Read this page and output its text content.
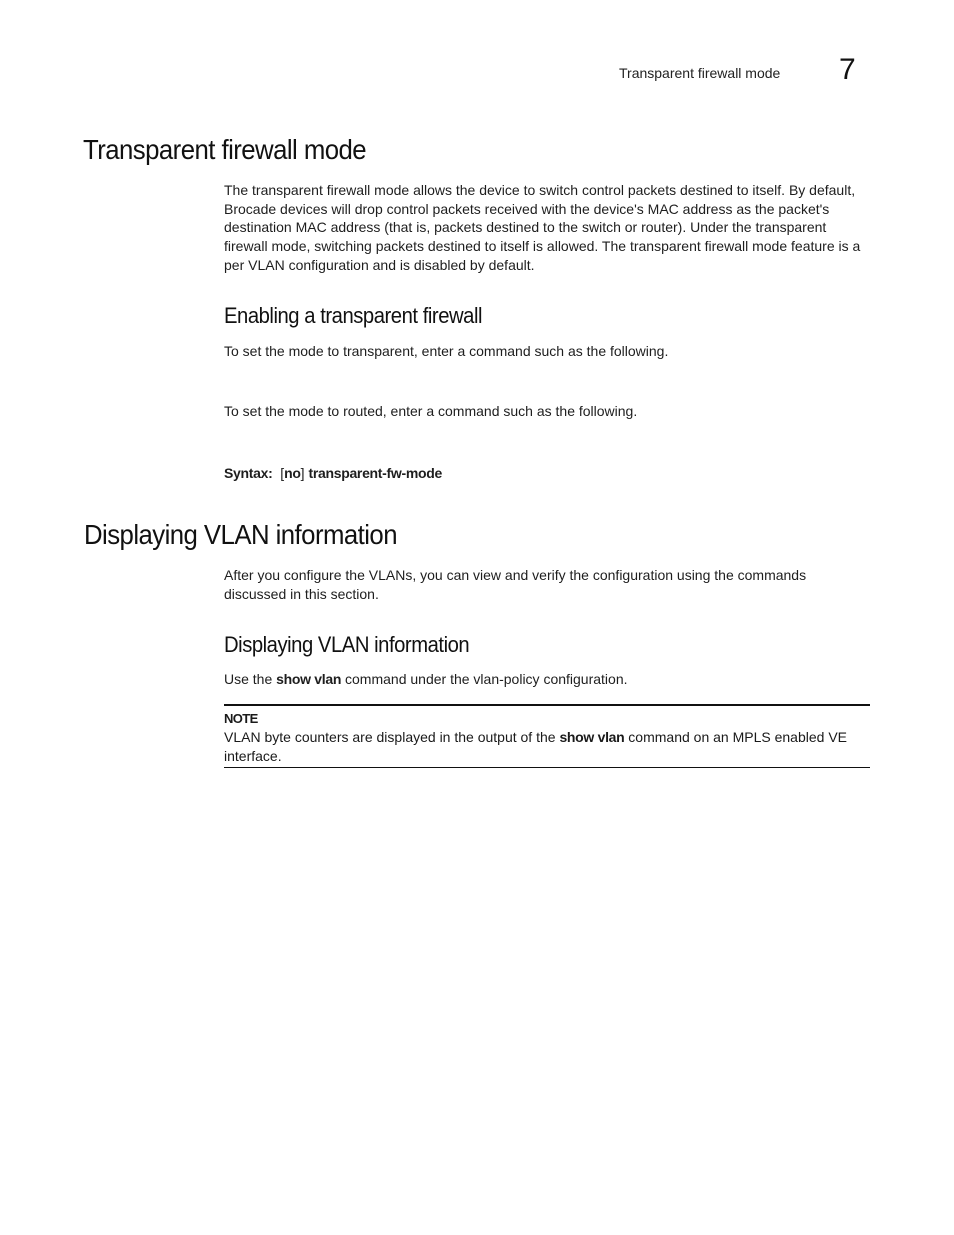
Transparent firewall mode 7
Transparent firewall mode

The transparent firewall mode allows the device to switch control packets destined to itself. By default, Brocade devices will drop control packets received with the device's MAC address as the packet's destination MAC address (that is, packets destined to the switch or router). Under the transparent firewall mode, switching packets destined to itself is allowed. The transparent firewall mode feature is a per VLAN configuration and is disabled by default.

Enabling a transparent firewall

To set the mode to transparent, enter a command such as the following.

To set the mode to routed, enter a command such as the following.

Syntax: [no] transparent-fw-mode

Displaying VLAN information

After you configure the VLANs, you can view and verify the configuration using the commands discussed in this section.

Displaying VLAN information

Use the show vlan command under the vlan-policy configuration.

NOTE
VLAN byte counters are displayed in the output of the show vlan command on an MPLS enabled VE interface.
